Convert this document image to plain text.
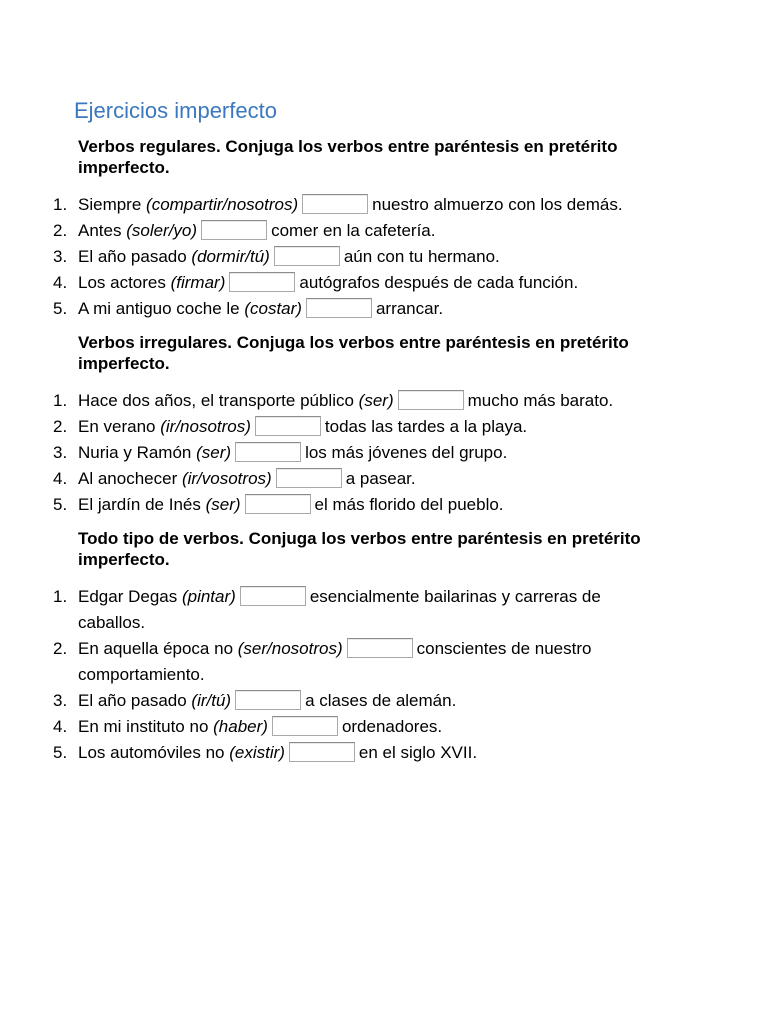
Ejercicios imperfecto
Verbos regulares. Conjuga los verbos entre paréntesis en pretérito imperfecto.
1. Siempre (compartir/nosotros)	nuestro almuerzo con los demás.
2. Antes (soler/yo)	comer en la cafetería.
3. El año pasado (dormir/tú)	aún con tu hermano.
4. Los actores (firmar)	autógrafos después de cada función.
5. A mi antiguo coche le (costar)	arrancar.
Verbos irregulares. Conjuga los verbos entre paréntesis en pretérito imperfecto.
1. Hace dos años, el transporte público (ser)	mucho más barato.
2. En verano (ir/nosotros)	todas las tardes a la playa.
3. Nuria y Ramón (ser)	los más jóvenes del grupo.
4. Al anochecer (ir/vosotros)	a pasear.
5. El jardín de Inés (ser)	el más florido del pueblo.
Todo tipo de verbos. Conjuga los verbos entre paréntesis en pretérito imperfecto.
1. Edgar Degas (pintar)	esencialmente bailarinas y carreras de
caballos.
2. En aquella época no (ser/nosotros)	conscientes de nuestro
comportamiento.
3. El año pasado (ir/tú)	a clases de alemán.
4. En mi instituto no (haber)	ordenadores.
5. Los automóviles no (existir)	en el siglo XVII.
